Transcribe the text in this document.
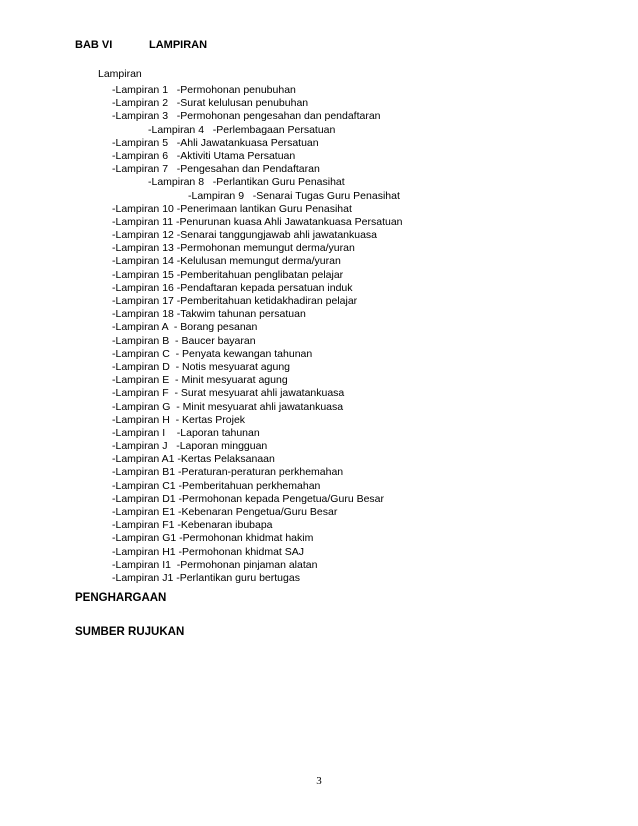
BAB VI	LAMPIRAN
Lampiran
-Lampiran 1   -Permohonan penubuhan
-Lampiran 2   -Surat kelulusan penubuhan
-Lampiran 3   -Permohonan pengesahan dan pendaftaran
-Lampiran 4   -Perlembagaan Persatuan
-Lampiran 5   -Ahli Jawatankuasa Persatuan
-Lampiran 6   -Aktiviti Utama Persatuan
-Lampiran 7   -Pengesahan dan Pendaftaran
-Lampiran 8   -Perlantikan Guru Penasihat
-Lampiran 9   -Senarai Tugas Guru Penasihat
-Lampiran 10 -Penerimaan lantikan Guru Penasihat
-Lampiran 11 -Penurunan kuasa Ahli Jawatankuasa Persatuan
-Lampiran 12 -Senarai tanggungjawab ahli jawatankuasa
-Lampiran 13 -Permohonan memungut derma/yuran
-Lampiran 14 -Kelulusan memungut derma/yuran
-Lampiran 15 -Pemberitahuan penglibatan pelajar
-Lampiran 16 -Pendaftaran kepada persatuan induk
-Lampiran 17 -Pemberitahuan ketidakhadiran pelajar
-Lampiran 18 -Takwim tahunan persatuan
-Lampiran A  - Borang pesanan
-Lampiran B  - Baucer bayaran
-Lampiran C  - Penyata kewangan tahunan
-Lampiran D  - Notis mesyuarat agung
-Lampiran E  - Minit mesyuarat agung
-Lampiran F  - Surat mesyuarat ahli jawatankuasa
-Lampiran G  - Minit mesyuarat ahli jawatankuasa
-Lampiran H  - Kertas Projek
-Lampiran I    -Laporan tahunan
-Lampiran J   -Laporan mingguan
-Lampiran A1 -Kertas Pelaksanaan
-Lampiran B1 -Peraturan-peraturan perkhemahan
-Lampiran C1 -Pemberitahuan perkhemahan
-Lampiran D1 -Permohonan kepada Pengetua/Guru Besar
-Lampiran E1 -Kebenaran Pengetua/Guru Besar
-Lampiran F1 -Kebenaran ibubapa
-Lampiran G1 -Permohonan khidmat hakim
-Lampiran H1 -Permohonan khidmat SAJ
-Lampiran I1  -Permohonan pinjaman alatan
-Lampiran J1 -Perlantikan guru bertugas
PENGHARGAAN
SUMBER RUJUKAN
3
